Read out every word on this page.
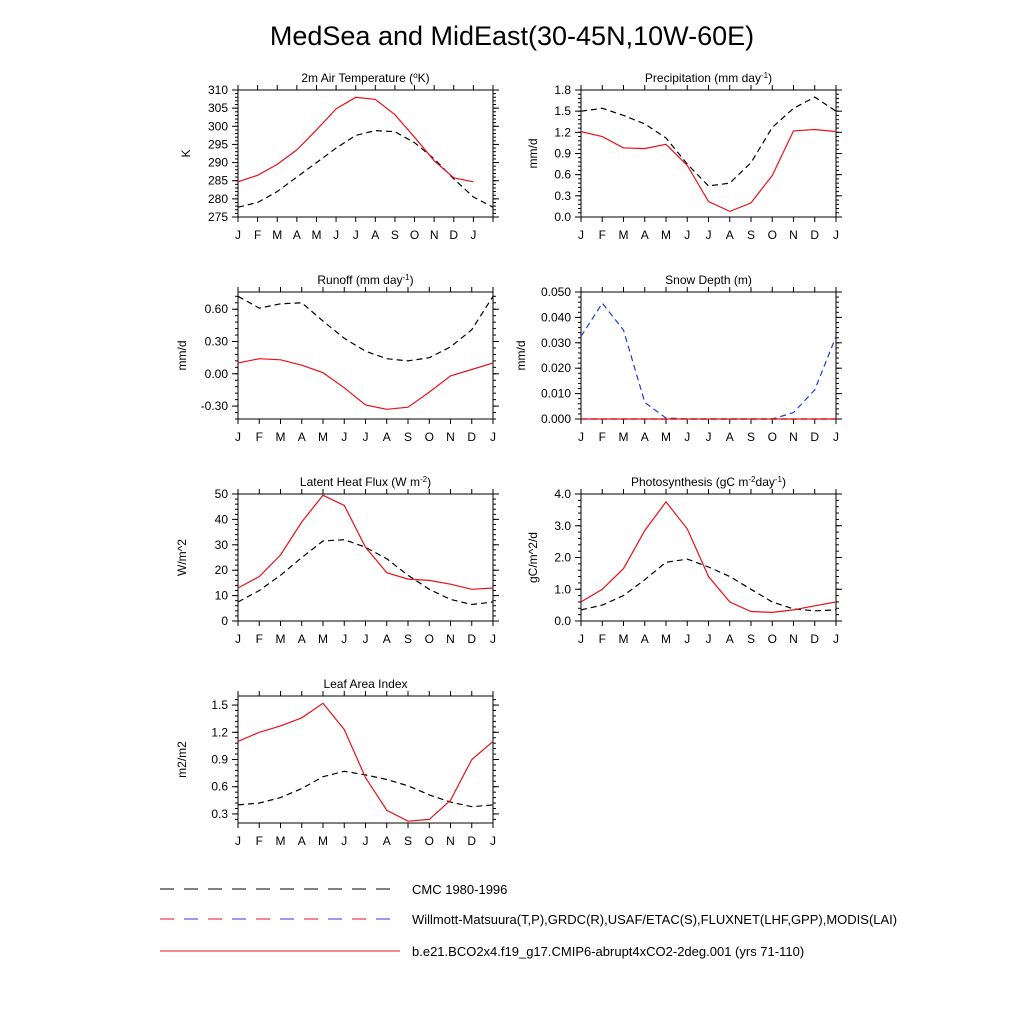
MedSea and MidEast(30-45N,10W-60E)
2m Air Temperature ($^o$K)
J F M A M J J A S O N D J
275
280
285
290
295
300
305
310
K
Precipitation (mm day$^{-1}$)
J F M A M J J A S O N D J
0.0
0.3
0.6
0.9
1.2
1.5
1.8
mm/d
Runoff (mm day$^{-1}$)
J F M A M J J A S O N D J
-0.30
0.00
0.30
0.60
mm/d
Snow Depth (m)
J F M A M J J A S O N D J
0.000
0.010
0.020
0.030
0.040
0.050
mm/d
Latent Heat Flux (W $m^{-2}$)
J F M A M J J A S O N D J
0
10
20
30
40
50
W/m^2
Photosynthesis (gC $m^{-2}day^{-1}$)
J F M A M J J A S O N D J
0.0
1.0
2.0
3.0
4.0
gC/m^2/d
Leaf Area Index
J F M A M J J A S O N D J
0.3
0.6
0.9
1.2
1.5
m2/m2
CMC 1980-1996
Willmott-Matsuura(T,P),GRDC(R),USAF/ETAC(S),FLUXNET(LHF,GPP),MODIS(LAI)
b.e21.BCO2x4.f19_g17.CMIP6-abrupt4xCO2-2deg.001 (yrs 71-110)
